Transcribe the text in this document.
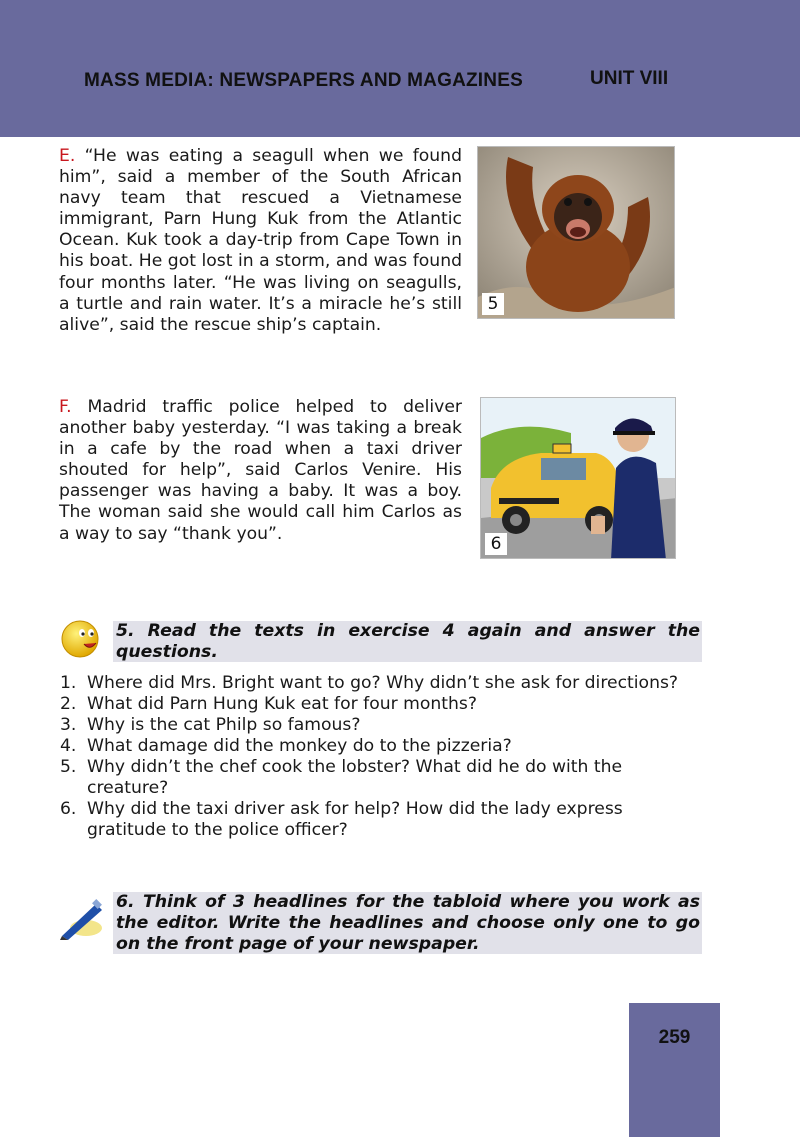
MASS MEDIA: NEWSPAPERS AND MAGAZINES	UNIT VIII
E. “He was eating a seagull when we found him”, said a member of the South African navy team that rescued a Vietnamese immigrant, Parn Hung Kuk from the Atlantic Ocean. Kuk took a day-trip from Cape Town in his boat. He got lost in a storm, and was found four months later. “He was living on seagulls, a turtle and rain water. It’s a miracle he’s still alive”, said the rescue ship’s captain.
5
F. Madrid traffic police helped to deliver another baby yesterday. “I was taking a break in a cafe by the road when a taxi driver shouted for help”, said Carlos Venire. His passenger was having a baby. It was a boy. The woman said she would call him Carlos as a way to say “thank you”.
6
5. Read the texts in exercise 4 again and answer the questions.
1. Where did Mrs. Bright want to go? Why didn’t she ask for directions?
2. What did Parn Hung Kuk eat for four months?
3. Why is the cat Philp so famous?
4. What damage did the monkey do to the pizzeria?
5. Why didn’t the chef cook the lobster? What did he do with the creature?
6. Why did the taxi driver ask for help? How did the lady express gratitude to the police officer?
6. Think of 3 headlines for the tabloid where you work as the editor. Write the headlines and choose only one to go on the front page of your newspaper.
259
